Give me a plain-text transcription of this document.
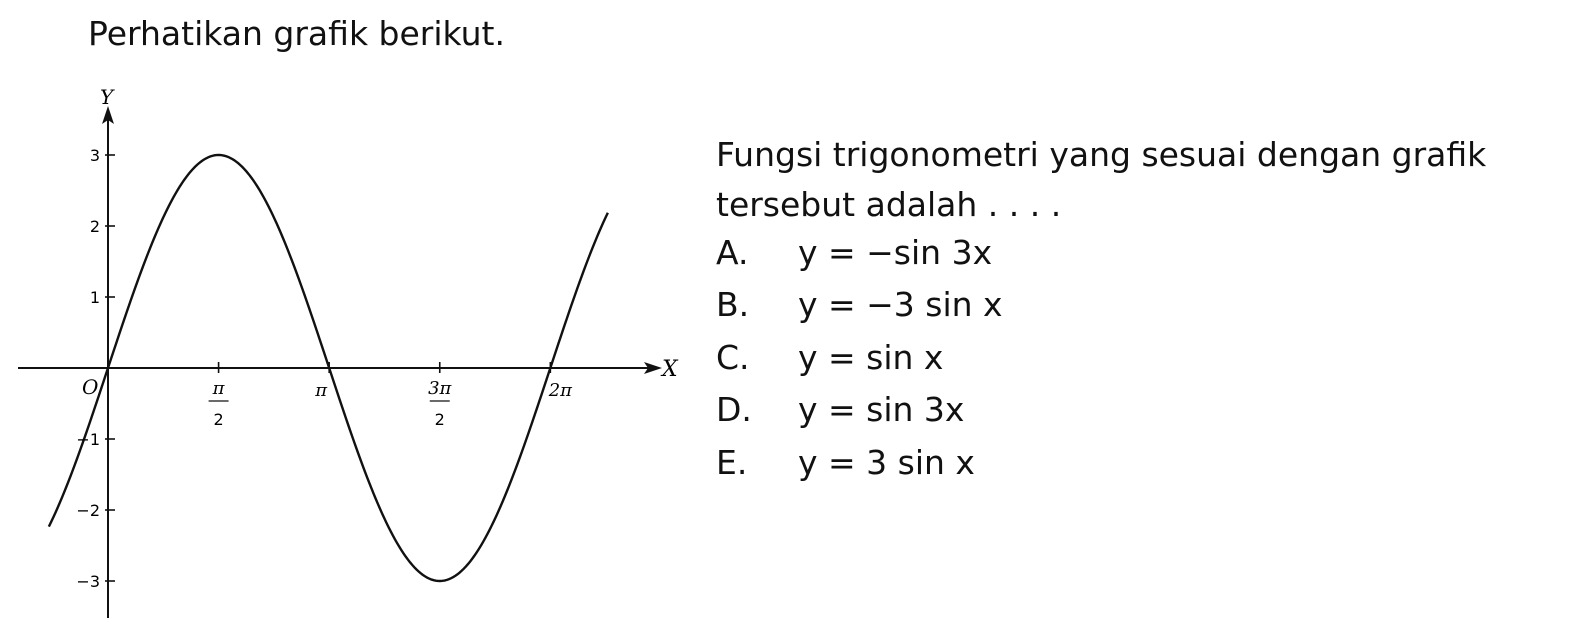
Perhatikan grafik berikut.
X
Y
O
3
2
1
−1
−2
−3
π
2
π	3π
2
2π
Fungsi trigonometri yang sesuai dengan grafik
tersebut adalah . . . .
A.	y = −sin 3x
B.	y = −3 sin x
C.	y = sin x
D.	y = sin 3x
E.	y = 3 sin x
